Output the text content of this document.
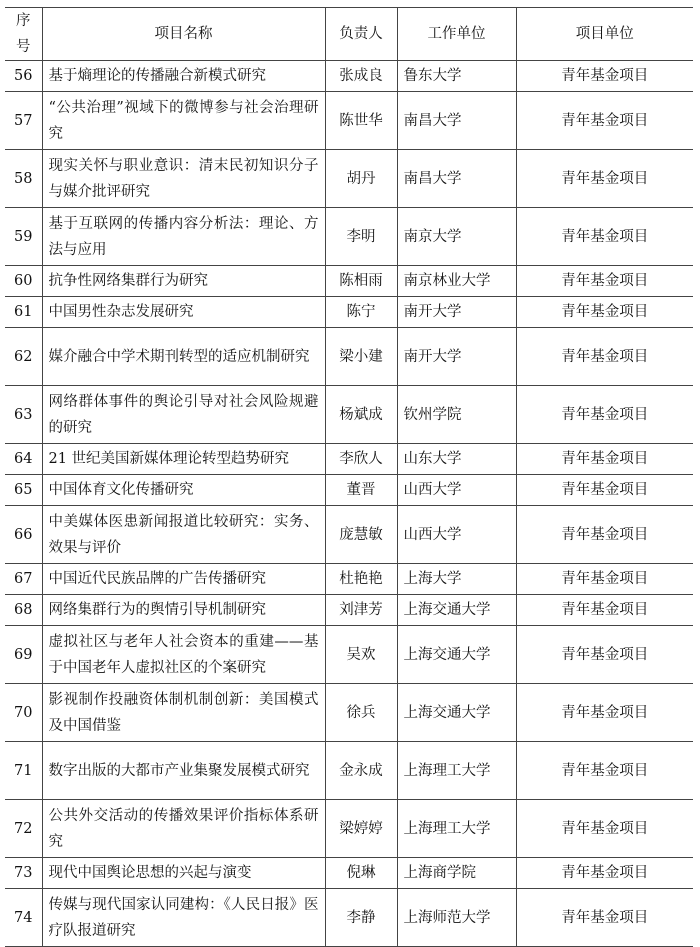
序号	项目名称	负责人	工作单位	项目单位
56	基于熵理论的传播融合新模式研究	张成良	鲁东大学	青年基金项目
57	“公共治理”视域下的微博参与社会治理研究	陈世华	南昌大学	青年基金项目
58	现实关怀与职业意识：清末民初知识分子与媒介批评研究	胡丹	南昌大学	青年基金项目
59	基于互联网的传播内容分析法：理论、方法与应用	李明	南京大学	青年基金项目
60	抗争性网络集群行为研究	陈相雨	南京林业大学	青年基金项目
61	中国男性杂志发展研究	陈宁	南开大学	青年基金项目
62	媒介融合中学术期刊转型的适应机制研究	梁小建	南开大学	青年基金项目
63	网络群体事件的舆论引导对社会风险规避的研究	杨斌成	钦州学院	青年基金项目
64	21 世纪美国新媒体理论转型趋势研究	李欣人	山东大学	青年基金项目
65	中国体育文化传播研究	董晋	山西大学	青年基金项目
66	中美媒体医患新闻报道比较研究：实务、效果与评价	庞慧敏	山西大学	青年基金项目
67	中国近代民族品牌的广告传播研究	杜艳艳	上海大学	青年基金项目
68	网络集群行为的舆情引导机制研究	刘津芳	上海交通大学	青年基金项目
69	虚拟社区与老年人社会资本的重建——基于中国老年人虚拟社区的个案研究	吴欢	上海交通大学	青年基金项目
70	影视制作投融资体制机制创新：美国模式及中国借鉴	徐兵	上海交通大学	青年基金项目
71	数字出版的大都市产业集聚发展模式研究	金永成	上海理工大学	青年基金项目
72	公共外交活动的传播效果评价指标体系研究	梁婷婷	上海理工大学	青年基金项目
73	现代中国舆论思想的兴起与演变	倪琳	上海商学院	青年基金项目
74	传媒与现代国家认同建构：《人民日报》医疗队报道研究	李静	上海师范大学	青年基金项目
